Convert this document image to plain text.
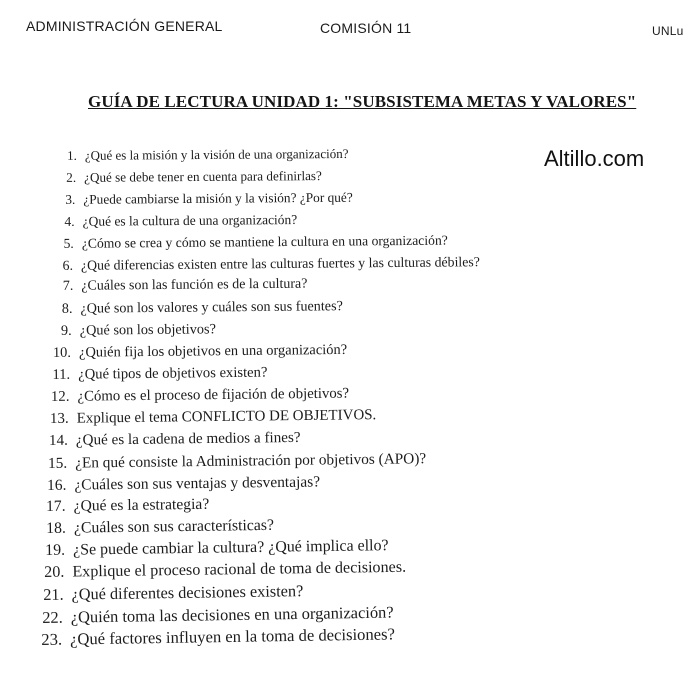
ADMINISTRACIÓN GENERAL	COMISIÓN 11	UNLu
GUÍA DE LECTURA UNIDAD 1: "SUBSISTEMA METAS Y VALORES"
Altillo.com
1. ¿Qué es la misión y la visión de una organización?
2. ¿Qué se debe tener en cuenta para definirlas?
3. ¿Puede cambiarse la misión y la visión? ¿Por qué?
4. ¿Qué es la cultura de una organización?
5. ¿Cómo se crea y cómo se mantiene la cultura en una organización?
6. ¿Qué diferencias existen entre las culturas fuertes y las culturas débiles?
7. ¿Cuáles son las función es de la cultura?
8. ¿Qué son los valores y cuáles son sus fuentes?
9. ¿Qué son los objetivos?
10. ¿Quién fija los objetivos en una organización?
11. ¿Qué tipos de objetivos existen?
12. ¿Cómo es el proceso de fijación de objetivos?
13. Explique el tema CONFLICTO DE OBJETIVOS.
14. ¿Qué es la cadena de medios a fines?
15. ¿En qué consiste la Administración por objetivos (APO)?
16. ¿Cuáles son sus ventajas y desventajas?
17. ¿Qué es la estrategia?
18. ¿Cuáles son sus características?
19. ¿Se puede cambiar la cultura? ¿Qué implica ello?
20. Explique el proceso racional de toma de decisiones.
21. ¿Qué diferentes decisiones existen?
22. ¿Quién toma las decisiones en una organización?
23. ¿Qué factores influyen en la toma de decisiones?
